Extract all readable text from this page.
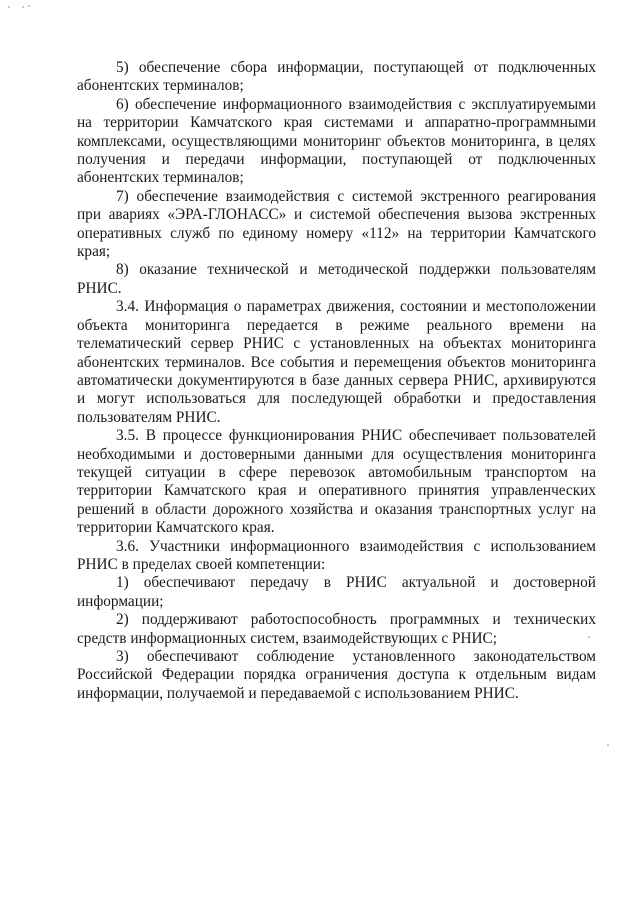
5) обеспечение сбора информации, поступающей от подключенных абонентских терминалов;

6) обеспечение информационного взаимодействия с эксплуатируемыми на территории Камчатского края системами и аппаратно-программными комплексами, осуществляющими мониторинг объектов мониторинга, в целях получения и передачи информации, поступающей от подключенных абонентских терминалов;

7) обеспечение взаимодействия с системой экстренного реагирования при авариях «ЭРА-ГЛОНАСС» и системой обеспечения вызова экстренных оперативных служб по единому номеру «112» на территории Камчатского края;

8) оказание технической и методической поддержки пользователям РНИС.

3.4. Информация о параметрах движения, состоянии и местоположении объекта мониторинга передается в режиме реального времени на телематический сервер РНИС с установленных на объектах мониторинга абонентских терминалов. Все события и перемещения объектов мониторинга автоматически документируются в базе данных сервера РНИС, архивируются и могут использоваться для последующей обработки и предоставления пользователям РНИС.

3.5. В процессе функционирования РНИС обеспечивает пользователей необходимыми и достоверными данными для осуществления мониторинга текущей ситуации в сфере перевозок автомобильным транспортом на территории Камчатского края и оперативного принятия управленческих решений в области дорожного хозяйства и оказания транспортных услуг на территории Камчатского края.

3.6. Участники информационного взаимодействия с использованием РНИС в пределах своей компетенции:

1) обеспечивают передачу в РНИС актуальной и достоверной информации;

2) поддерживают работоспособность программных и технических средств информационных систем, взаимодействующих с РНИС;

3) обеспечивают соблюдение установленного законодательством Российской Федерации порядка ограничения доступа к отдельным видам информации, получаемой и передаваемой с использованием РНИС.
